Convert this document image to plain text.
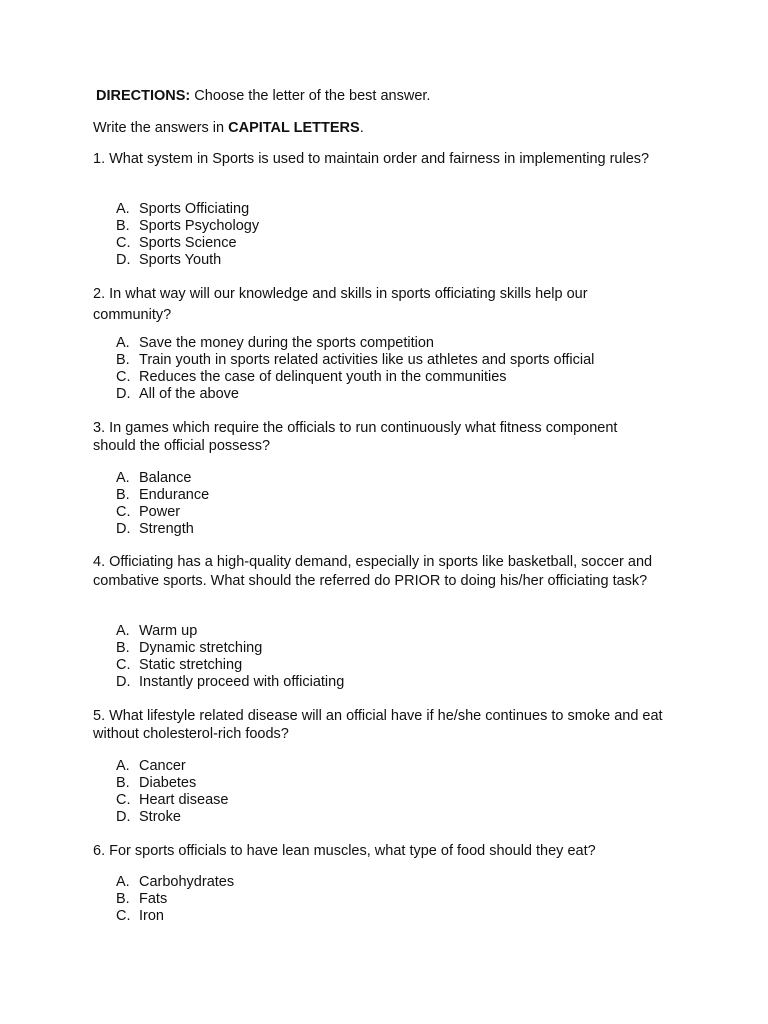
DIRECTIONS: Choose the letter of the best answer.

Write the answers in CAPITAL LETTERS.

1. What system in Sports is used to maintain order and fairness in implementing rules?

A. Sports Officiating
B. Sports Psychology
C. Sports Science
D. Sports Youth

2. In what way will our knowledge and skills in sports officiating skills help our community?

A. Save the money during the sports competition
B. Train youth in sports related activities like us athletes and sports official
C. Reduces the case of delinquent youth in the communities
D. All of the above

3. In games which require the officials to run continuously what fitness component should the official possess?

A. Balance
B. Endurance
C. Power
D. Strength

4. Officiating has a high-quality demand, especially in sports like basketball, soccer and combative sports. What should the referred do PRIOR to doing his/her officiating task?

A. Warm up
B. Dynamic stretching
C. Static stretching
D. Instantly proceed with officiating

5. What lifestyle related disease will an official have if he/she continues to smoke and eat without cholesterol-rich foods?

A. Cancer
B. Diabetes
C. Heart disease
D. Stroke

6. For sports officials to have lean muscles, what type of food should they eat?

A. Carbohydrates
B. Fats
C. Iron
